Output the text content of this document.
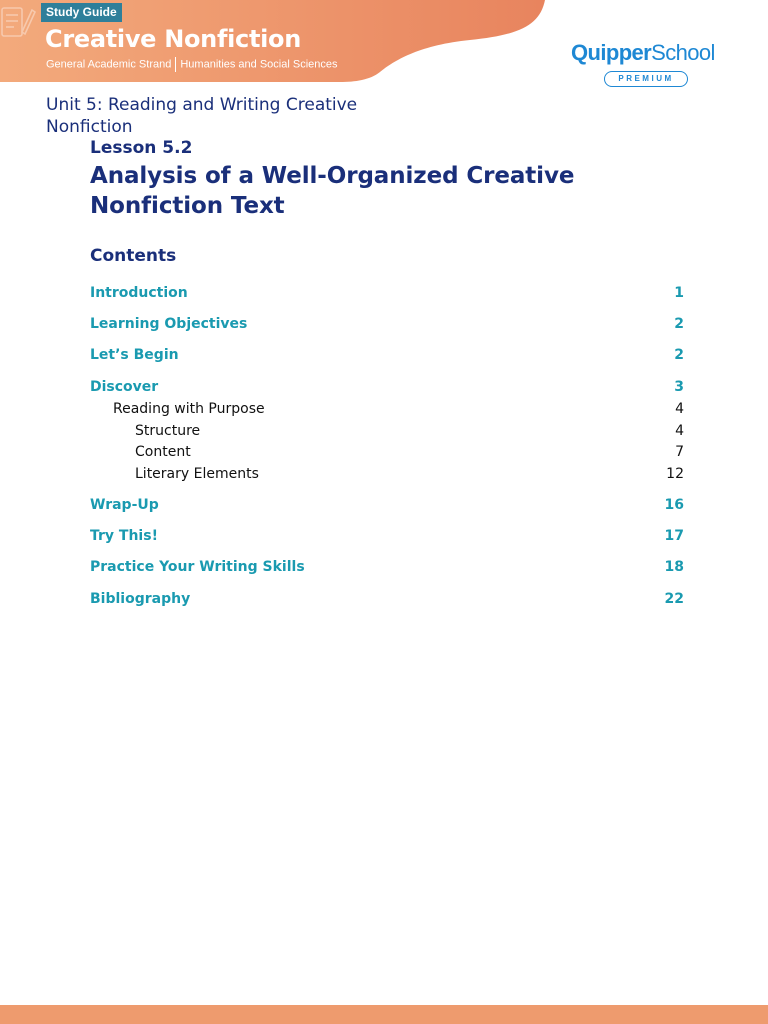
Study Guide
Creative Nonfiction
General Academic Strand Humanities and Social Sciences	QuipperSchool
PREMIUM
Unit 5: Reading and Writing Creative Nonfiction
Lesson 5.2
Analysis of a Well-Organized Creative Nonfiction Text
Contents
Introduction	1
Learning Objectives	2
Let’s Begin	2
Discover	3
Reading with Purpose	4
Structure	4
Content	7
Literary Elements	12
Wrap-Up	16
Try This!	17
Practice Your Writing Skills	18
Bibliography	22
